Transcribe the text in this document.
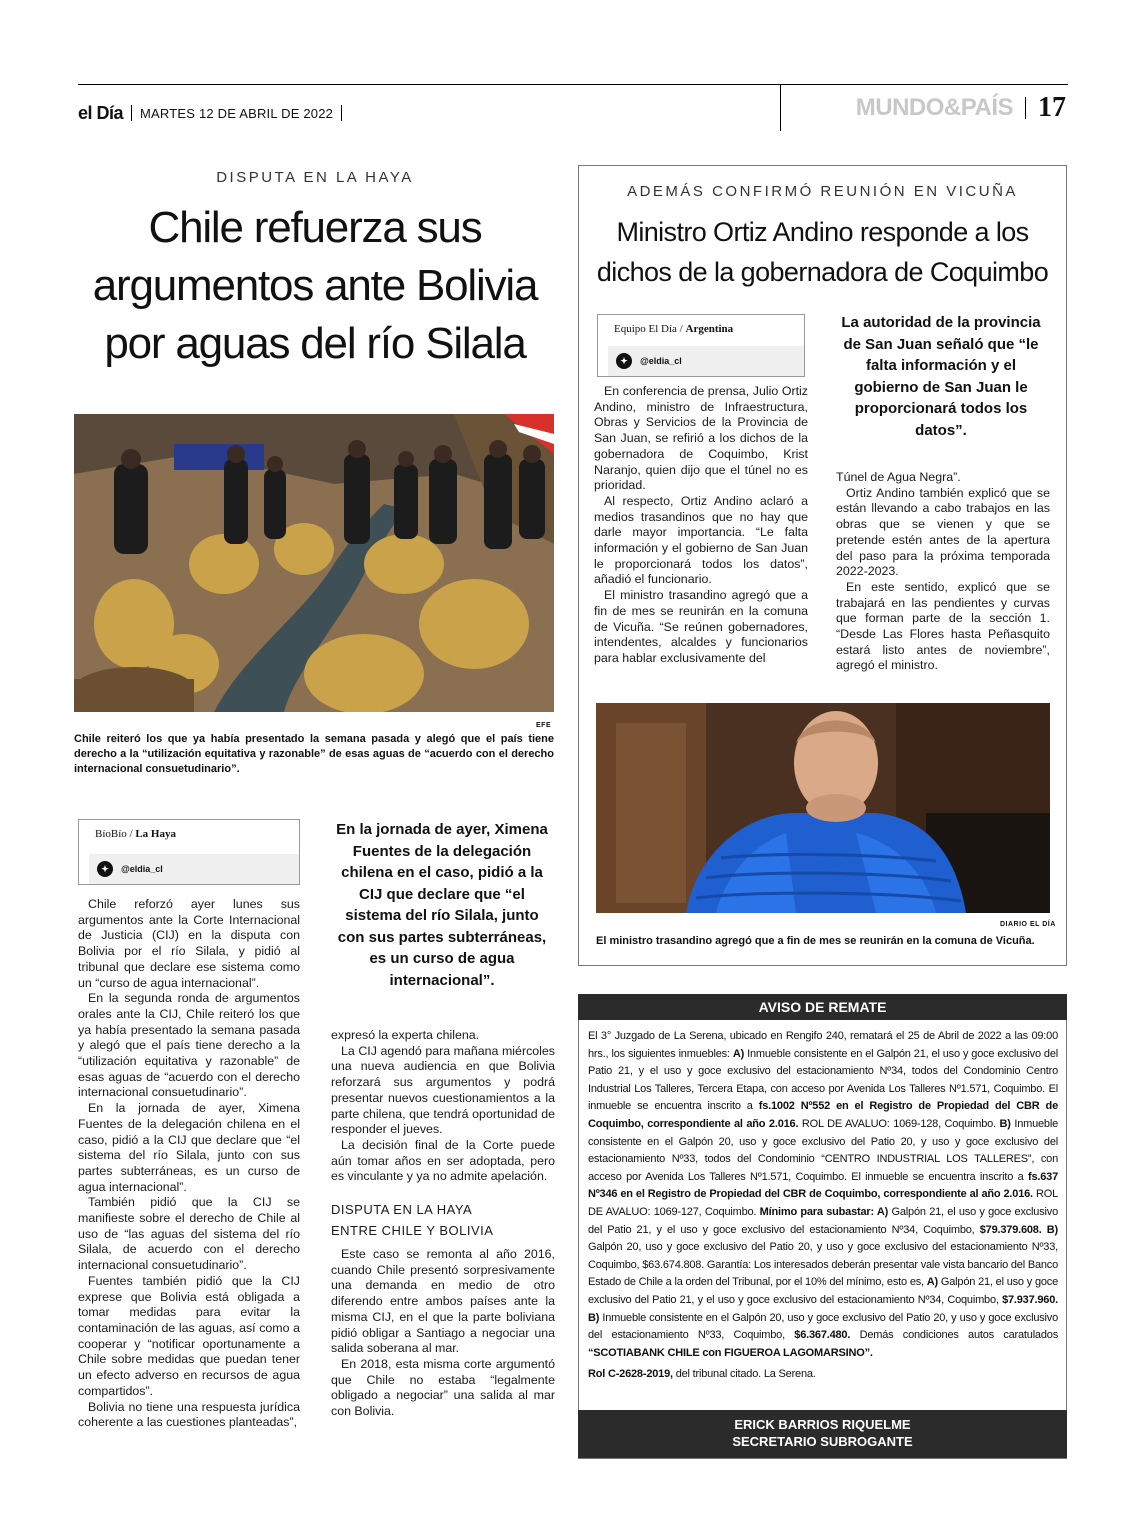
el Día MARTES 12 DE ABRIL DE 2022	MUNDO&PAÍS 17
DISPUTA EN LA HAYA
Chile refuerza sus argumentos ante Bolivia por aguas del río Silala
EFE
Chile reiteró los que ya había presentado la semana pasada y alegó que el país tiene derecho a la “utilización equitativa y razonable” de esas aguas de “acuerdo con el derecho internacional consuetudinario”.
BíoBío / La Haya
✦	@eldia_cl

Chile reforzó ayer lunes sus argumentos ante la Corte Internacional de Justicia (CIJ) en la disputa con Bolivia por el río Silala, y pidió al tribunal que declare ese sistema como un “curso de agua internacional”.

En la segunda ronda de argumentos orales ante la CIJ, Chile reiteró los que ya había presentado la semana pasada y alegó que el país tiene derecho a la “utilización equitativa y razonable” de esas aguas de “acuerdo con el derecho internacional consuetudinario”.

En la jornada de ayer, Ximena Fuentes de la delegación chilena en el caso, pidió a la CIJ que declare que “el sistema del río Silala, junto con sus partes subterráneas, es un curso de agua internacional”.

También pidió que la CIJ se manifieste sobre el derecho de Chile al uso de “las aguas del sistema del río Silala, de acuerdo con el derecho internacional consuetudinario”.

Fuentes también pidió que la CIJ exprese que Bolivia está obligada a tomar medidas para evitar la contaminación de las aguas, así como a cooperar y “notificar oportunamente a Chile sobre medidas que puedan tener un efecto adverso en recursos de agua compartidos”.

Bolivia no tiene una respuesta jurídica coherente a las cuestiones planteadas”,

En la jornada de ayer, Ximena Fuentes de la delegación chilena en el caso, pidió a la CIJ que declare que “el sistema del río Silala, junto con sus partes subterráneas, es un curso de agua internacional”.

expresó la experta chilena.

La CIJ agendó para mañana miércoles una nueva audiencia en que Bolivia reforzará sus argumentos y podrá presentar nuevos cuestionamientos a la parte chilena, que tendrá oportunidad de responder el jueves.

La decisión final de la Corte puede aún tomar años en ser adoptada, pero es vinculante y ya no admite apelación.

DISPUTA EN LA HAYA
ENTRE CHILE Y BOLIVIA

Este caso se remonta al año 2016, cuando Chile presentó sorpresivamente una demanda en medio de otro diferendo entre ambos países ante la misma CIJ, en el que la parte boliviana pidió obligar a Santiago a negociar una salida soberana al mar.

En 2018, esta misma corte argumentó que Chile no estaba “legalmente obligado a negociar” una salida al mar con Bolivia.

ADEMÁS CONFIRMÓ REUNIÓN EN VICUÑA
Ministro Ortiz Andino responde a los dichos de la gobernadora de Coquimbo
Equipo El Día / Argentina
✦	@eldia_cl
La autoridad de la provincia de San Juan señaló que “le falta información y el gobierno de San Juan le proporcionará todos los datos”.

En conferencia de prensa, Julio Ortiz Andino, ministro de Infraestructura, Obras y Servicios de la Provincia de San Juan, se refirió a los dichos de la gobernadora de Coquimbo, Krist Naranjo, quien dijo que el túnel no es prioridad.

Al respecto, Ortiz Andino aclaró a medios trasandinos que no hay que darle mayor importancia. “Le falta información y el gobierno de San Juan le proporcionará todos los datos”, añadió el funcionario.

El ministro trasandino agregó que a fin de mes se reunirán en la comuna de Vicuña. “Se reúnen gobernadores, intendentes, alcaldes y funcionarios para hablar exclusivamente del

Túnel de Agua Negra”.

Ortiz Andino también explicó que se están llevando a cabo trabajos en las obras que se vienen y que se pretende estén antes de la apertura del paso para la próxima temporada 2022-2023.

En este sentido, explicó que se trabajará en las pendientes y curvas que forman parte de la sección 1. “Desde Las Flores hasta Peñasquito estará listo antes de noviembre”, agregó el ministro.

DIARIO EL DÍA
El ministro trasandino agregó que a fin de mes se reunirán en la comuna de Vicuña.
AVISO DE REMATE

El 3° Juzgado de La Serena, ubicado en Rengifo 240, rematará el 25 de Abril de 2022 a las 09:00 hrs., los siguientes inmuebles: A) Inmueble consistente en el Galpón 21, el uso y goce exclusivo del Patio 21, y el uso y goce exclusivo del estacionamiento Nº34, todos del Condominio Centro Industrial Los Talleres, Tercera Etapa, con acceso por Avenida Los Talleres Nº1.571, Coquimbo. El inmueble se encuentra inscrito a fs.1002 Nº552 en el Registro de Propiedad del CBR de Coquimbo, correspondiente al año 2.016. ROL DE AVALUO: 1069-128, Coquimbo. B) Inmueble consistente en el Galpón 20, uso y goce exclusivo del Patio 20, y uso y goce exclusivo del estacionamiento Nº33, todos del Condominio “CENTRO INDUSTRIAL LOS TALLERES”, con acceso por Avenida Los Talleres Nº1.571, Coquimbo. El inmueble se encuentra inscrito a fs.637 Nº346 en el Registro de Propiedad del CBR de Coquimbo, correspondiente al año 2.016. ROL DE AVALUO: 1069-127, Coquimbo. Mínimo para subastar: A) Galpón 21, el uso y goce exclusivo del Patio 21, y el uso y goce exclusivo del estacionamiento Nº34, Coquimbo, $79.379.608. B) Galpón 20, uso y goce exclusivo del Patio 20, y uso y goce exclusivo del estacionamiento Nº33, Coquimbo, $63.674.808. Garantía: Los interesados deberán presentar vale vista bancario del Banco Estado de Chile a la orden del Tribunal, por el 10% del mínimo, esto es, A) Galpón 21, el uso y goce exclusivo del Patio 21, y el uso y goce exclusivo del estacionamiento Nº34, Coquimbo, $7.937.960. B) Inmueble consistente en el Galpón 20, uso y goce exclusivo del Patio 20, y uso y goce exclusivo del estacionamiento Nº33, Coquimbo, $6.367.480. Demás condiciones autos caratulados “SCOTIABANK CHILE con FIGUEROA LAGOMARSINO”.

Rol C-2628-2019, del tribunal citado. La Serena.

ERICK BARRIOS RIQUELME
SECRETARIO SUBROGANTE
